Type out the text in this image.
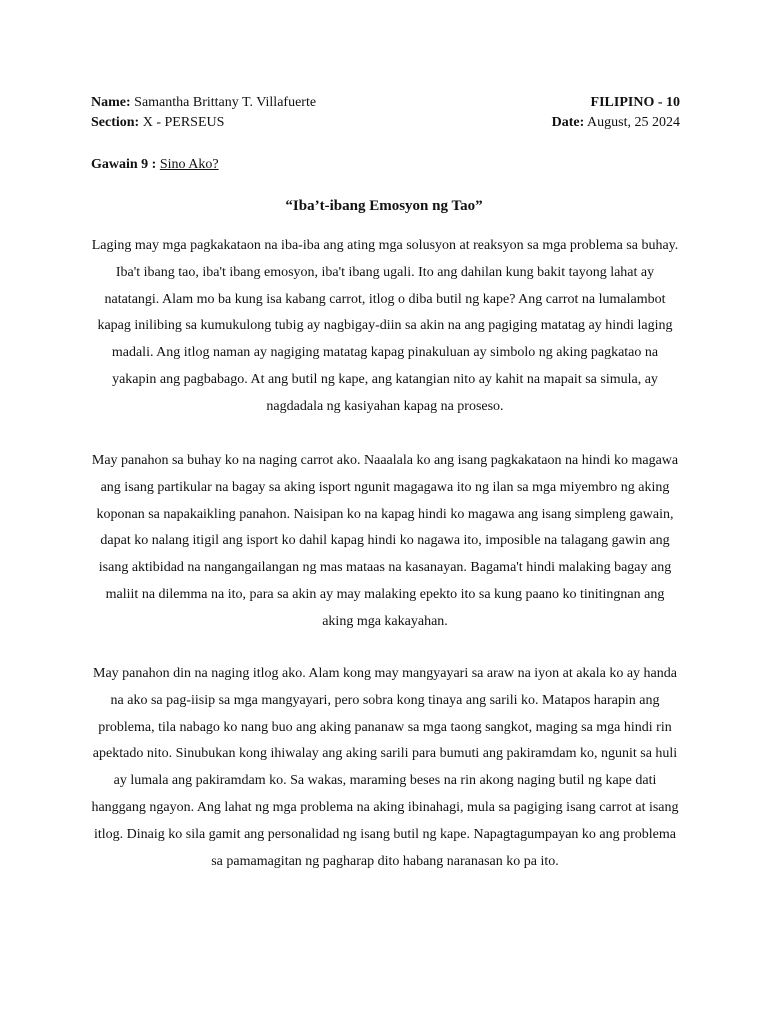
Name: Samantha Brittany T. Villafuerte	FILIPINO - 10
Section: X - PERSEUS	Date: August, 25 2024
Gawain 9 : Sino Ako?
“Iba’t-ibang Emosyon ng Tao”

Laging may mga pagkakataon na iba-iba ang ating mga solusyon at reaksyon sa mga problema sa buhay. Iba't ibang tao, iba't ibang emosyon, iba't ibang ugali. Ito ang dahilan kung bakit tayong lahat ay natatangi. Alam mo ba kung isa kabang carrot, itlog o diba butil ng kape? Ang carrot na lumalambot kapag inilibing sa kumukulong tubig ay nagbigay-diin sa akin na ang pagiging matatag ay hindi laging madali. Ang itlog naman ay nagiging matatag kapag pinakuluan ay simbolo ng aking pagkatao na yakapin ang pagbabago. At ang butil ng kape, ang katangian nito ay kahit na mapait sa simula, ay nagdadala ng kasiyahan kapag na proseso.

May panahon sa buhay ko na naging carrot ako. Naaalala ko ang isang pagkakataon na hindi ko magawa ang isang partikular na bagay sa aking isport ngunit magagawa ito ng ilan sa mga miyembro ng aking koponan sa napakaikling panahon. Naisipan ko na kapag hindi ko magawa ang isang simpleng gawain, dapat ko nalang itigil ang isport ko dahil kapag hindi ko nagawa ito, imposible na talagang gawin ang isang aktibidad na nangangailangan ng mas mataas na kasanayan. Bagama't hindi malaking bagay ang maliit na dilemma na ito, para sa akin ay may malaking epekto ito sa kung paano ko tinitingnan ang aking mga kakayahan.

May panahon din na naging itlog ako. Alam kong may mangyayari sa araw na iyon at akala ko ay handa na ako sa pag-iisip sa mga mangyayari, pero sobra kong tinaya ang sarili ko. Matapos harapin ang problema, tila nabago ko nang buo ang aking pananaw sa mga taong sangkot, maging sa mga hindi rin apektado nito. Sinubukan kong ihiwalay ang aking sarili para bumuti ang pakiramdam ko, ngunit sa huli ay lumala ang pakiramdam ko. Sa wakas, maraming beses na rin akong naging butil ng kape dati hanggang ngayon. Ang lahat ng mga problema na aking ibinahagi, mula sa pagiging isang carrot at isang itlog. Dinaig ko sila gamit ang personalidad ng isang butil ng kape. Napagtagumpayan ko ang problema sa pamamagitan ng pagharap dito habang naranasan ko pa ito.
